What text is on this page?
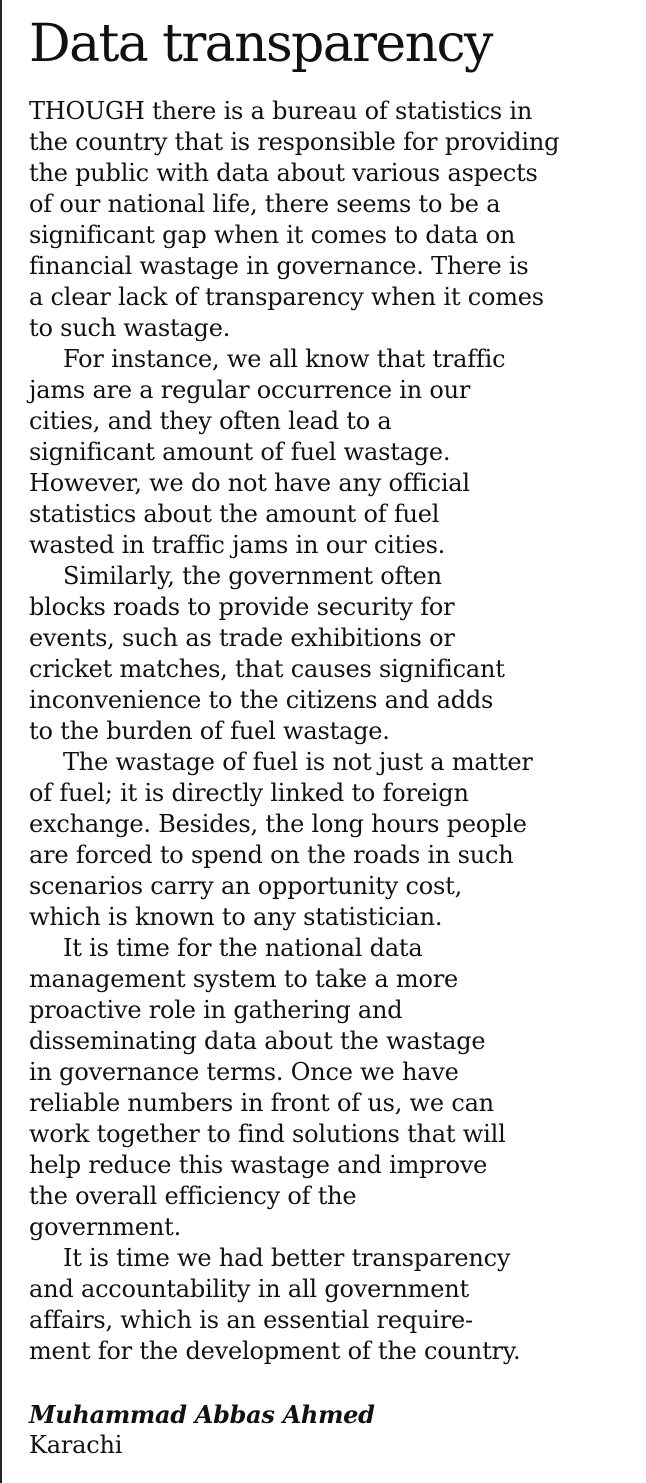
Data transparency

THOUGH there is a bureau of statistics in
the country that is responsible for providing
the public with data about various aspects
of our national life, there seems to be a
significant gap when it comes to data on
financial wastage in governance. There is
a clear lack of transparency when it comes
to such wastage.

For instance, we all know that traffic
jams are a regular occurrence in our
cities, and they often lead to a
significant amount of fuel wastage.
However, we do not have any official
statistics about the amount of fuel
wasted in traffic jams in our cities.

Similarly, the government often
blocks roads to provide security for
events, such as trade exhibitions or
cricket matches, that causes significant
inconvenience to the citizens and adds
to the burden of fuel wastage.

The wastage of fuel is not just a matter
of fuel; it is directly linked to foreign
exchange. Besides, the long hours people
are forced to spend on the roads in such
scenarios carry an opportunity cost,
which is known to any statistician.

It is time for the national data
management system to take a more
proactive role in gathering and
disseminating data about the wastage
in governance terms. Once we have
reliable numbers in front of us, we can
work together to find solutions that will
help reduce this wastage and improve
the overall efficiency of the
government.

It is time we had better transparency
and accountability in all government
affairs, which is an essential require-
ment for the development of the country.

Muhammad Abbas Ahmed
Karachi
